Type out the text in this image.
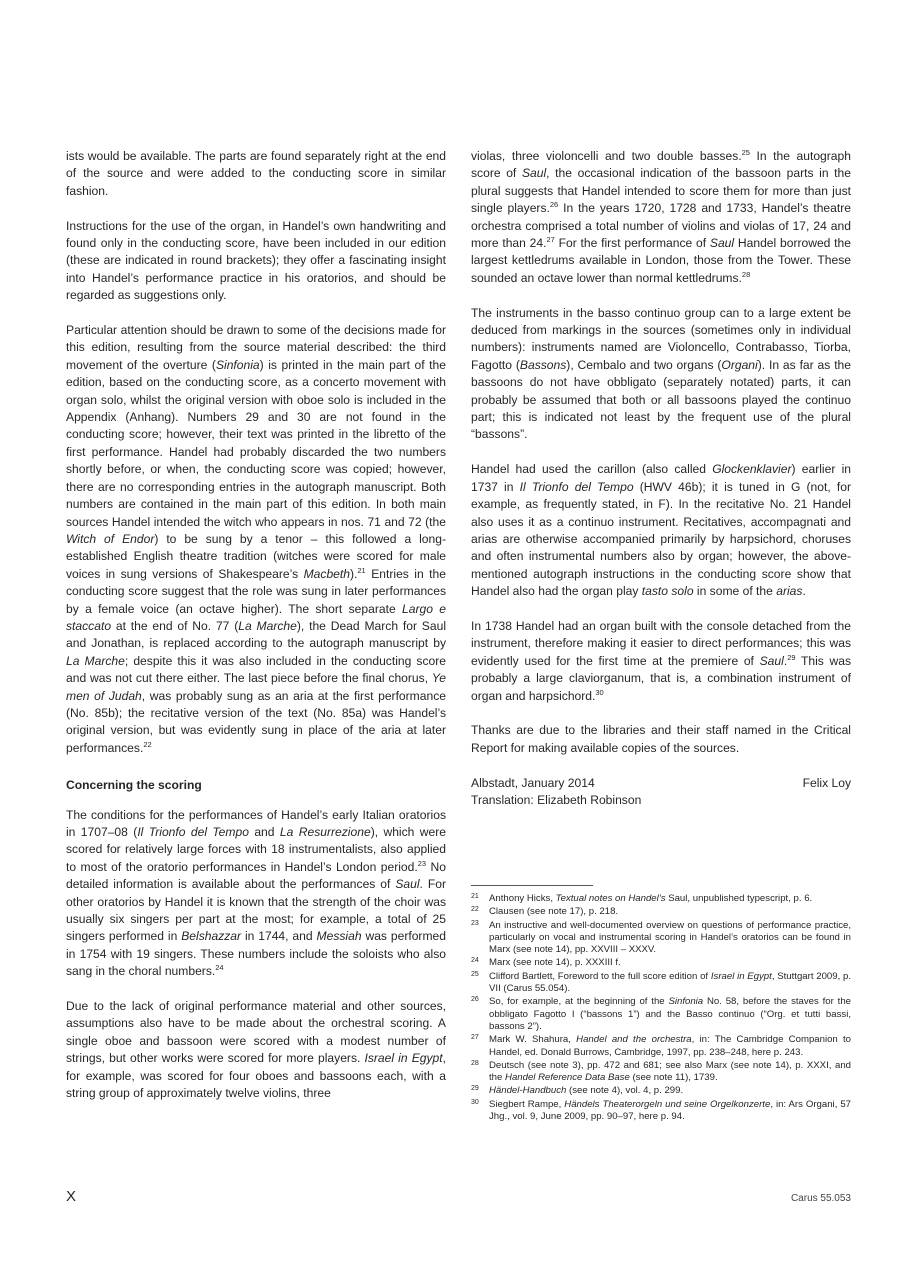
ists would be available. The parts are found separately right at the end of the source and were added to the conducting score in similar fashion.

Instructions for the use of the organ, in Handel’s own handwriting and found only in the conducting score, have been included in our edition (these are indicated in round brackets); they offer a fascinating insight into Handel’s performance practice in his oratorios, and should be regarded as suggestions only.

Particular attention should be drawn to some of the decisions made for this edition, resulting from the source material described: the third movement of the overture (Sinfonia) is printed in the main part of the edition, based on the conducting score, as a concerto movement with organ solo, whilst the original version with oboe solo is included in the Appendix (Anhang). Numbers 29 and 30 are not found in the conducting score; however, their text was printed in the libretto of the first performance. Handel had probably discarded the two numbers shortly before, or when, the conducting score was copied; however, there are no corresponding entries in the autograph manuscript. Both numbers are contained in the main part of this edition. In both main sources Handel intended the witch who appears in nos. 71 and 72 (the Witch of Endor) to be sung by a tenor – this followed a long-established English theatre tradition (witches were scored for male voices in sung versions of Shakespeare’s Macbeth).$^{21}$ Entries in the conducting score suggest that the role was sung in later performances by a female voice (an octave higher). The short separate Largo e staccato at the end of No. 77 (La Marche), the Dead March for Saul and Jonathan, is replaced according to the autograph manuscript by La Marche; despite this it was also included in the conducting score and was not cut there either. The last piece before the final chorus, Ye men of Judah, was probably sung as an aria at the first performance (No. 85b); the recitative version of the text (No. 85a) was Handel’s original version, but was evidently sung in place of the aria at later performances.$^{22}$

Concerning the scoring

The conditions for the performances of Handel’s early Italian oratorios in 1707–08 (Il Trionfo del Tempo and La Resurrezione), which were scored for relatively large forces with 18 instrumentalists, also applied to most of the oratorio performances in Handel’s London period.$^{23}$ No detailed information is available about the performances of Saul. For other oratorios by Handel it is known that the strength of the choir was usually six singers per part at the most; for example, a total of 25 singers performed in Belshazzar in 1744, and Messiah was performed in 1754 with 19 singers. These numbers include the soloists who also sang in the choral numbers.$^{24}$

Due to the lack of original performance material and other sources, assumptions also have to be made about the orchestral scoring. A single oboe and bassoon were scored with a modest number of strings, but other works were scored for more players. Israel in Egypt, for example, was scored for four oboes and bassoons each, with a string group of approximately twelve violins, three

violas, three violoncelli and two double basses.$^{25}$ In the autograph score of Saul, the occasional indication of the bassoon parts in the plural suggests that Handel intended to score them for more than just single players.$^{26}$ In the years 1720, 1728 and 1733, Handel’s theatre orchestra comprised a total number of violins and violas of 17, 24 and more than 24.27 For the first performance of Saul Handel borrowed the largest kettledrums available in London, those from the Tower. These sounded an octave lower than normal kettledrums.$^{28}$

The instruments in the basso continuo group can to a large extent be deduced from markings in the sources (sometimes only in individual numbers): instruments named are Violoncello, Contrabasso, Tiorba, Fagotto (Bassons), Cembalo and two organs (Organi). In as far as the bassoons do not have obbligato (separately notated) parts, it can probably be assumed that both or all bassoons played the continuo part; this is indicated not least by the frequent use of the plural “bassons”.

Handel had used the carillon (also called Glockenklavier) earlier in 1737 in Il Trionfo del Tempo (HWV 46b); it is tuned in G (not, for example, as frequently stated, in F). In the recitative No. 21 Handel also uses it as a continuo instrument. Recitatives, accompagnati and arias are otherwise accompanied primarily by harpsichord, choruses and often instrumental numbers also by organ; however, the above-mentioned autograph instructions in the conducting score show that Handel also had the organ play tasto solo in some of the arias.

In 1738 Handel had an organ built with the console detached from the instrument, therefore making it easier to direct performances; this was evidently used for the first time at the premiere of Saul.$^{29}$ This was probably a large claviorganum, that is, a combination instrument of organ and harpsichord.$^{30}$

Thanks are due to the libraries and their staff named in the Critical Report for making available copies of the sources.

Albstadt, January 2014	Felix Loy

Translation: Elizabeth Robinson

21	Anthony Hicks, Textual notes on Handel’s Saul, unpublished typescript, p. 6.
22	Clausen (see note 17), p. 218.
23	An instructive and well-documented overview on questions of performance practice, particularly on vocal and instrumental scoring in Handel’s oratorios can be found in Marx (see note 14), pp. XXVIII – XXXV.
24	Marx (see note 14), p. XXXIII f.
25	Clifford Bartlett, Foreword to the full score edition of Israel in Egypt, Stuttgart 2009, p. VII (Carus 55.054).
26	So, for example, at the beginning of the Sinfonia No. 58, before the staves for the obbligato Fagotto I (“bassons 1”) and the Basso continuo (“Org. et tutti bassi, bassons 2”).
27	Mark W. Shahura, Handel and the orchestra, in: The Cambridge Companion to Handel, ed. Donald Burrows, Cambridge, 1997, pp. 238–248, here p. 243.
28	Deutsch (see note 3), pp. 472 and 681; see also Marx (see note 14), p. XXXI, and the Handel Reference Data Base (see note 11), 1739.
29	Händel-Handbuch (see note 4), vol. 4, p. 299.
30	Siegbert Rampe, Händels Theaterorgeln und seine Orgelkonzerte, in: Ars Organi, 57 Jhg., vol. 9, June 2009, pp. 90–97, here p. 94.
X	Carus 55.053
